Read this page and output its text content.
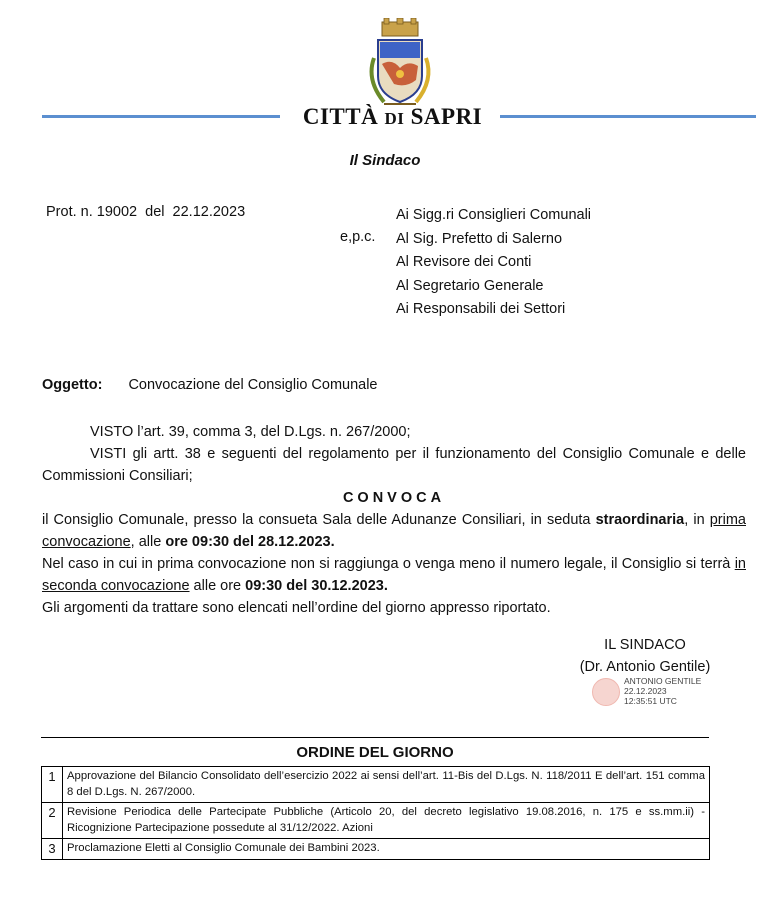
CITTÀ DI SAPRI
Il Sindaco
Prot. n. 19002  del  22.12.2023
e,p.c.
Ai Sigg.ri Consiglieri Comunali
Al Sig. Prefetto di Salerno
Al Revisore dei Conti
Al Segretario Generale
Ai Responsabili dei Settori
Oggetto: Convocazione del Consiglio Comunale

VISTO l’art. 39, comma 3, del D.Lgs. n. 267/2000;

VISTI gli artt. 38 e seguenti del regolamento per il funzionamento del Consiglio Comunale e delle Commissioni Consiliari;

CONVOCA

il Consiglio Comunale, presso la consueta Sala delle Adunanze Consiliari, in seduta straordinaria, in prima convocazione, alle ore 09:30 del 28.12.2023.

Nel caso in cui in prima convocazione non si raggiunga o venga meno il numero legale, il Consiglio si terrà in seconda convocazione alle ore 09:30 del 30.12.2023.

Gli argomenti da trattare sono elencati nell’ordine del giorno appresso riportato.

IL SINDACO
(Dr. Antonio Gentile)
ANTONIO GENTILE
22.12.2023
12:35:51 UTC
ORDINE DEL GIORNO
1	Approvazione del Bilancio Consolidato dell’esercizio 2022 ai sensi dell’art. 11-Bis del D.Lgs. N. 118/2011 E dell’art. 151 comma 8 del D.Lgs. N. 267/2000.
2	Revisione Periodica delle Partecipate Pubbliche (Articolo 20, del decreto legislativo 19.08.2016, n. 175 e ss.mm.ii) - Ricognizione Partecipazione possedute al 31/12/2022. Azioni
3	Proclamazione Eletti al Consiglio Comunale dei Bambini 2023.
